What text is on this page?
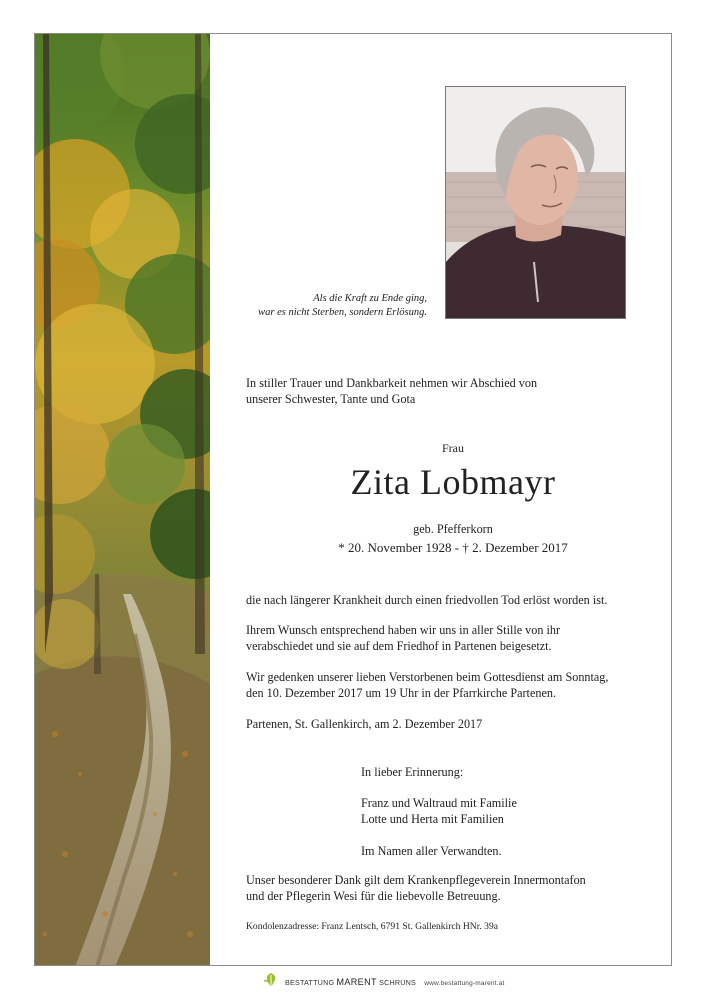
Als die Kraft zu Ende ging,
war es nicht Sterben, sondern Erlösung.
In stiller Trauer und Dankbarkeit nehmen wir Abschied von
unserer Schwester, Tante und Gota
Frau
Zita Lobmayr
geb. Pfefferkorn
* 20. November 1928 - † 2. Dezember 2017
die nach längerer Krankheit durch einen friedvollen Tod erlöst worden ist.
Ihrem Wunsch entsprechend haben wir uns in aller Stille von ihr
verabschiedet und sie auf dem Friedhof in Partenen beigesetzt.
Wir gedenken unserer lieben Verstorbenen beim Gottesdienst am Sonntag,
den 10. Dezember 2017 um 19 Uhr in der Pfarrkirche Partenen.
Partenen, St. Gallenkirch, am 2. Dezember 2017
In lieber Erinnerung:
Franz und Waltraud mit Familie
Lotte und Herta mit Familien
Im Namen aller Verwandten.
Unser besonderer Dank gilt dem Krankenpflegeverein Innermontafon
und der Pflegerin Wesi für die liebevolle Betreuung.
Kondolenzadresse: Franz Lentsch, 6791 St. Gallenkirch HNr. 39a
BESTATTUNG MARENT SCHRUNS www.bestattung-marent.at
